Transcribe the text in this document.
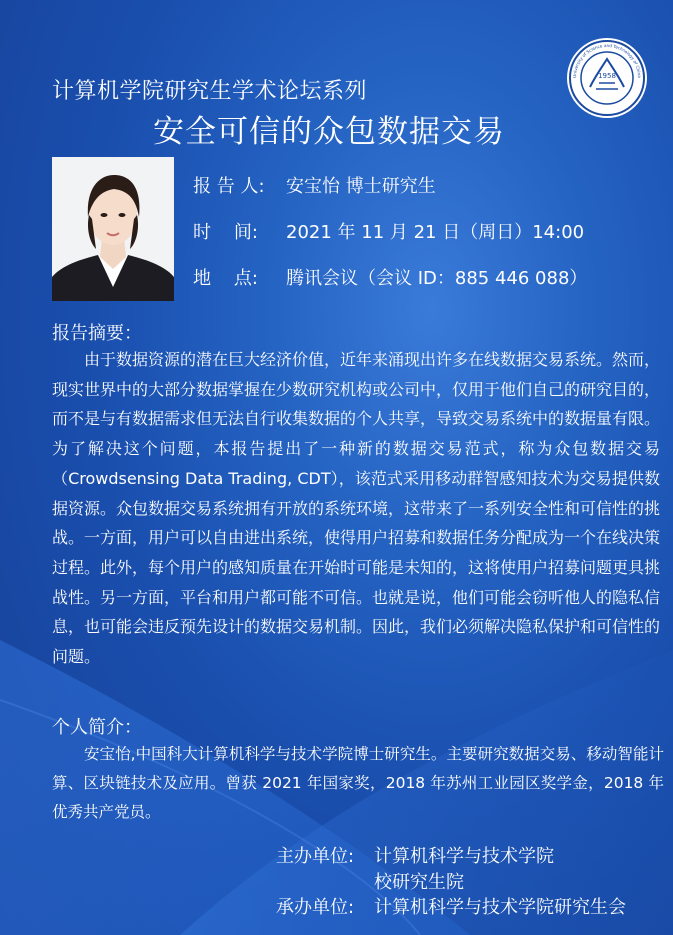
计算机学院研究生学术论坛系列
安全可信的众包数据交易
1958
University of Science and Technology of China
报 告 人: 安宝怡 博士研究生
时    间: 2021 年 11 月 21 日（周日）14:00
地    点: 腾讯会议（会议 ID：885 446 088）
报告摘要：
由于数据资源的潜在巨大经济价值，近年来涌现出许多在线数据交易系统。然而，现实世界中的大部分数据掌握在少数研究机构或公司中，仅用于他们自己的研究目的，而不是与有数据需求但无法自行收集数据的个人共享，导致交易系统中的数据量有限。为了解决这个问题，本报告提出了一种新的数据交易范式，称为众包数据交易（Crowdsensing Data Trading, CDT），该范式采用移动群智感知技术为交易提供数据资源。众包数据交易系统拥有开放的系统环境，这带来了一系列安全性和可信性的挑战。一方面，用户可以自由进出系统，使得用户招募和数据任务分配成为一个在线决策过程。此外，每个用户的感知质量在开始时可能是未知的，这将使用户招募问题更具挑战性。另一方面，平台和用户都可能不可信。也就是说，他们可能会窃听他人的隐私信息，也可能会违反预先设计的数据交易机制。因此，我们必须解决隐私保护和可信性的问题。
个人简介：
安宝怡,中国科大计算机科学与技术学院博士研究生。主要研究数据交易、移动智能计算、区块链技术及应用。曾获 2021 年国家奖，2018 年苏州工业园区奖学金，2018 年优秀共产党员。
主办单位: 计算机科学与技术学院
校研究生院
承办单位: 计算机科学与技术学院研究生会
